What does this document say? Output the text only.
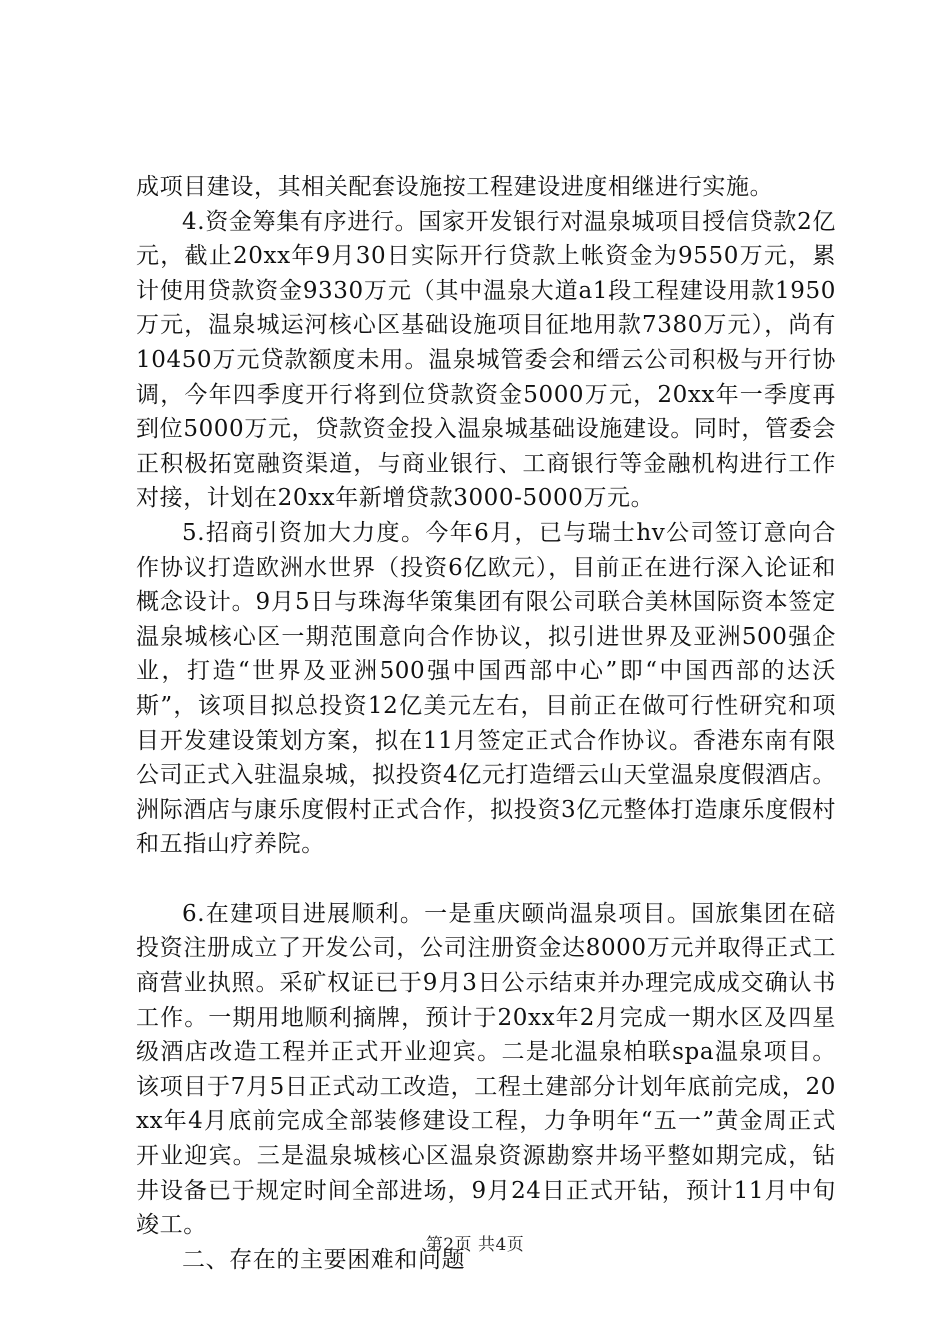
成项目建设，其相关配套设施按工程建设进度相继进行实施。

4.资金筹集有序进行。国家开发银行对温泉城项目授信贷款2亿元，截止20xx年9月30日实际开行贷款上帐资金为9550万元，累计使用贷款资金9330万元（其中温泉大道a1段工程建设用款1950万元，温泉城运河核心区基础设施项目征地用款7380万元），尚有10450万元贷款额度未用。温泉城管委会和缙云公司积极与开行协调，今年四季度开行将到位贷款资金5000万元，20xx年一季度再到位5000万元，贷款资金投入温泉城基础设施建设。同时，管委会正积极拓宽融资渠道，与商业银行、工商银行等金融机构进行工作对接，计划在20xx年新增贷款3000-5000万元。

5.招商引资加大力度。今年6月，已与瑞士hv公司签订意向合作协议打造欧洲水世界（投资6亿欧元），目前正在进行深入论证和概念设计。9月5日与珠海华策集团有限公司联合美林国际资本签定温泉城核心区一期范围意向合作协议，拟引进世界及亚洲500强企业，打造“世界及亚洲500强中国西部中心”即“中国西部的达沃斯”，该项目拟总投资12亿美元左右，目前正在做可行性研究和项目开发建设策划方案，拟在11月签定正式合作协议。香港东南有限公司正式入驻温泉城，拟投资4亿元打造缙云山天堂温泉度假酒店。洲际酒店与康乐度假村正式合作，拟投资3亿元整体打造康乐度假村和五指山疗养院。

6.在建项目进展顺利。一是重庆颐尚温泉项目。国旅集团在碚投资注册成立了开发公司，公司注册资金达8000万元并取得正式工商营业执照。采矿权证已于9月3日公示结束并办理完成成交确认书工作。一期用地顺利摘牌，预计于20xx年2月完成一期水区及四星级酒店改造工程并正式开业迎宾。二是北温泉柏联spa温泉项目。该项目于7月5日正式动工改造，工程土建部分计划年底前完成，20xx年4月底前完成全部装修建设工程，力争明年“五一”黄金周正式开业迎宾。三是温泉城核心区温泉资源勘察井场平整如期完成，钻井设备已于规定时间全部进场，9月24日正式开钻，预计11月中旬竣工。

二、存在的主要困难和问题

第2页 共4页
